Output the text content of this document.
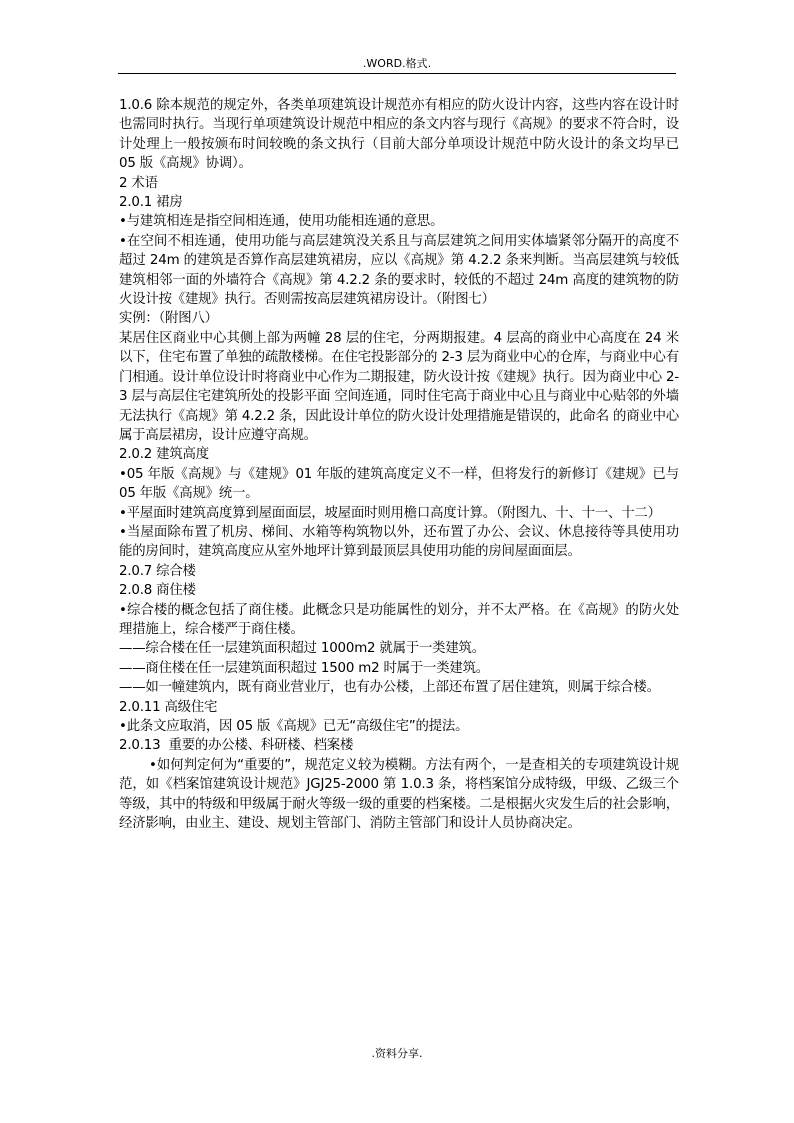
.WORD.格式.

1.0.6 除本规范的规定外，各类单项建筑设计规范亦有相应的防火设计内容，这些内容在设计时也需同时执行。当现行单项建筑设计规范中相应的条文内容与现行《高规》的要求不符合时，设计处理上一般按颁布时间较晚的条文执行（目前大部分单项设计规范中防火设计的条文均早已 05 版《高规》协调）。

2 术语

2.0.1 裙房

•与建筑相连是指空间相连通，使用功能相连通的意思。

•在空间不相连通，使用功能与高层建筑没关系且与高层建筑之间用实体墙紧邻分隔开的高度不超过 24m 的建筑是否算作高层建筑裙房，应以《高规》第 4.2.2 条来判断。当高层建筑与较低建筑相邻一面的外墙符合《高规》第 4.2.2 条的要求时，较低的不超过 24m 高度的建筑物的防火设计按《建规》执行。否则需按高层建筑裙房设计。（附图七）

实例：（附图八）

某居住区商业中心其侧上部为两幢 28 层的住宅，分两期报建。4 层高的商业中心高度在 24 米以下，住宅布置了单独的疏散楼梯。在住宅投影部分的 2-3 层为商业中心的仓库，与商业中心有门相通。设计单位设计时将商业中心作为二期报建，防火设计按《建规》执行。因为商业中心 2-3 层与高层住宅建筑所处的投影平面 空间连通，同时住宅高于商业中心且与商业中心贴邻的外墙无法执行《高规》第 4.2.2 条，因此设计单位的防火设计处理措施是错误的，此命名 的商业中心属于高层裙房，设计应遵守高规。

2.0.2 建筑高度

•05 年版《高规》与《建规》01 年版的建筑高度定义不一样，但将发行的新修订《建规》已与 05 年版《高规》统一。

•平屋面时建筑高度算到屋面面层，坡屋面时则用檐口高度计算。（附图九、十、十一、十二）

•当屋面除布置了机房、梯间、水箱等构筑物以外，还布置了办公、会议、休息接待等具使用功能的房间时，建筑高度应从室外地坪计算到最顶层具使用功能的房间屋面面层。

2.0.7 综合楼

2.0.8 商住楼

•综合楼的概念包括了商住楼。此概念只是功能属性的划分，并不太严格。在《高规》的防火处理措施上，综合楼严于商住楼。

——综合楼在任一层建筑面积超过 1000m2 就属于一类建筑。

——商住楼在任一层建筑面积超过 1500 m2 时属于一类建筑。

——如一幢建筑内，既有商业营业厅，也有办公楼，上部还布置了居住建筑，则属于综合楼。

2.0.11 高级住宅

•此条文应取消，因 05 版《高规》已无“高级住宅”的提法。

2.0.13  重要的办公楼、科研楼、档案楼

•如何判定何为“重要的”，规范定义较为模糊。方法有两个，一是查相关的专项建筑设计规范，如《档案馆建筑设计规范》JGJ25-2000 第 1.0.3 条，将档案馆分成特级，甲级、乙级三个等级，其中的特级和甲级属于耐火等级一级的重要的档案楼。二是根据火灾发生后的社会影响，经济影响，由业主、建设、规划主管部门、消防主管部门和设计人员协商决定。

.资料分享.
